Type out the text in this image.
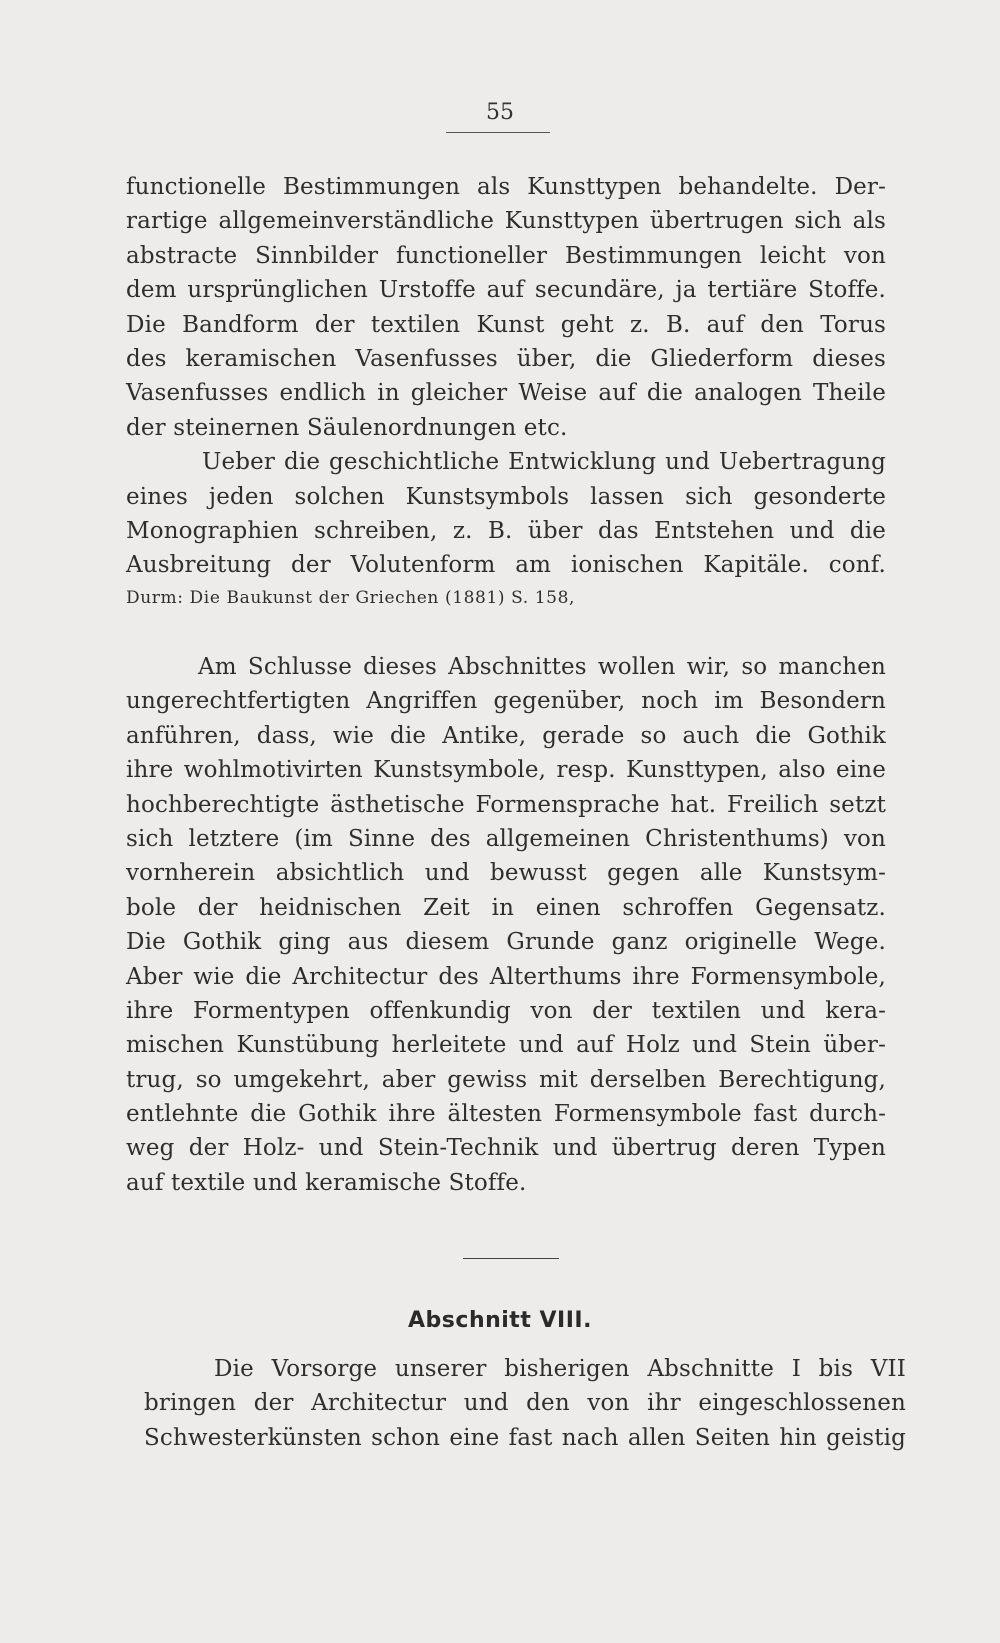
55
functionelle Bestimmungen als Kunsttypen behandelte. Der-
rartige allgemeinverständliche Kunsttypen übertrugen sich als
abstracte Sinnbilder functioneller Bestimmungen leicht von
dem ursprünglichen Urstoffe auf secundäre, ja tertiäre Stoffe.
Die Bandform der textilen Kunst geht z. B. auf den Torus
des keramischen Vasenfusses über, die Gliederform dieses
Vasenfusses endlich in gleicher Weise auf die analogen Theile
der steinernen Säulenordnungen etc.
Ueber die geschichtliche Entwicklung und Uebertragung
eines jeden solchen Kunstsymbols lassen sich gesonderte
Monographien schreiben, z. B. über das Entstehen und die
Ausbreitung der Volutenform am ionischen Kapitäle. conf.
Durm: Die Baukunst der Griechen (1881) S. 158,
Am Schlusse dieses Abschnittes wollen wir, so manchen
ungerechtfertigten Angriffen gegenüber, noch im Besondern
anführen, dass, wie die Antike, gerade so auch die Gothik
ihre wohlmotivirten Kunstsymbole, resp. Kunsttypen, also eine
hochberechtigte ästhetische Formensprache hat. Freilich setzt
sich letztere (im Sinne des allgemeinen Christenthums) von
vornherein absichtlich und bewusst gegen alle Kunstsym-
bole der heidnischen Zeit in einen schroffen Gegensatz.
Die Gothik ging aus diesem Grunde ganz originelle Wege.
Aber wie die Architectur des Alterthums ihre Formensymbole,
ihre Formentypen offenkundig von der textilen und kera-
mischen Kunstübung herleitete und auf Holz und Stein über-
trug, so umgekehrt, aber gewiss mit derselben Berechtigung,
entlehnte die Gothik ihre ältesten Formensymbole fast durch-
weg der Holz- und Stein-Technik und übertrug deren Typen
auf textile und keramische Stoffe.
Abschnitt VIII.
Die Vorsorge unserer bisherigen Abschnitte I bis VII
bringen der Architectur und den von ihr eingeschlossenen
Schwesterkünsten schon eine fast nach allen Seiten hin geistig
